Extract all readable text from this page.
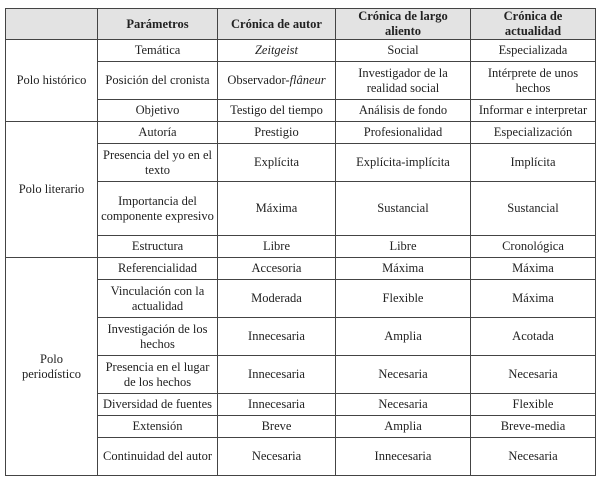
	Parámetros	Crónica de autor	Crónica de largo aliento	Crónica de actualidad
Polo histórico	Temática	Zeitgeist	Social	Especializada
	Posición del cronista	Observador-flâneur	Investigador de la realidad social	Intérprete de unos hechos
	Objetivo	Testigo del tiempo	Análisis de fondo	Informar e interpretar
Polo literario	Autoría	Prestigio	Profesionalidad	Especialización
	Presencia del yo en el texto	Explícita	Explícita-implícita	Implícita
	Importancia del componente expresivo	Máxima	Sustancial	Sustancial
	Estructura	Libre	Libre	Cronológica
Polo periodístico	Referencialidad	Accesoria	Máxima	Máxima
	Vinculación con la actualidad	Moderada	Flexible	Máxima
	Investigación de los hechos	Innecesaria	Amplia	Acotada
	Presencia en el lugar de los hechos	Innecesaria	Necesaria	Necesaria
	Diversidad de fuentes	Innecesaria	Necesaria	Flexible
	Extensión	Breve	Amplia	Breve-media
	Continuidad del autor	Necesaria	Innecesaria	Necesaria
